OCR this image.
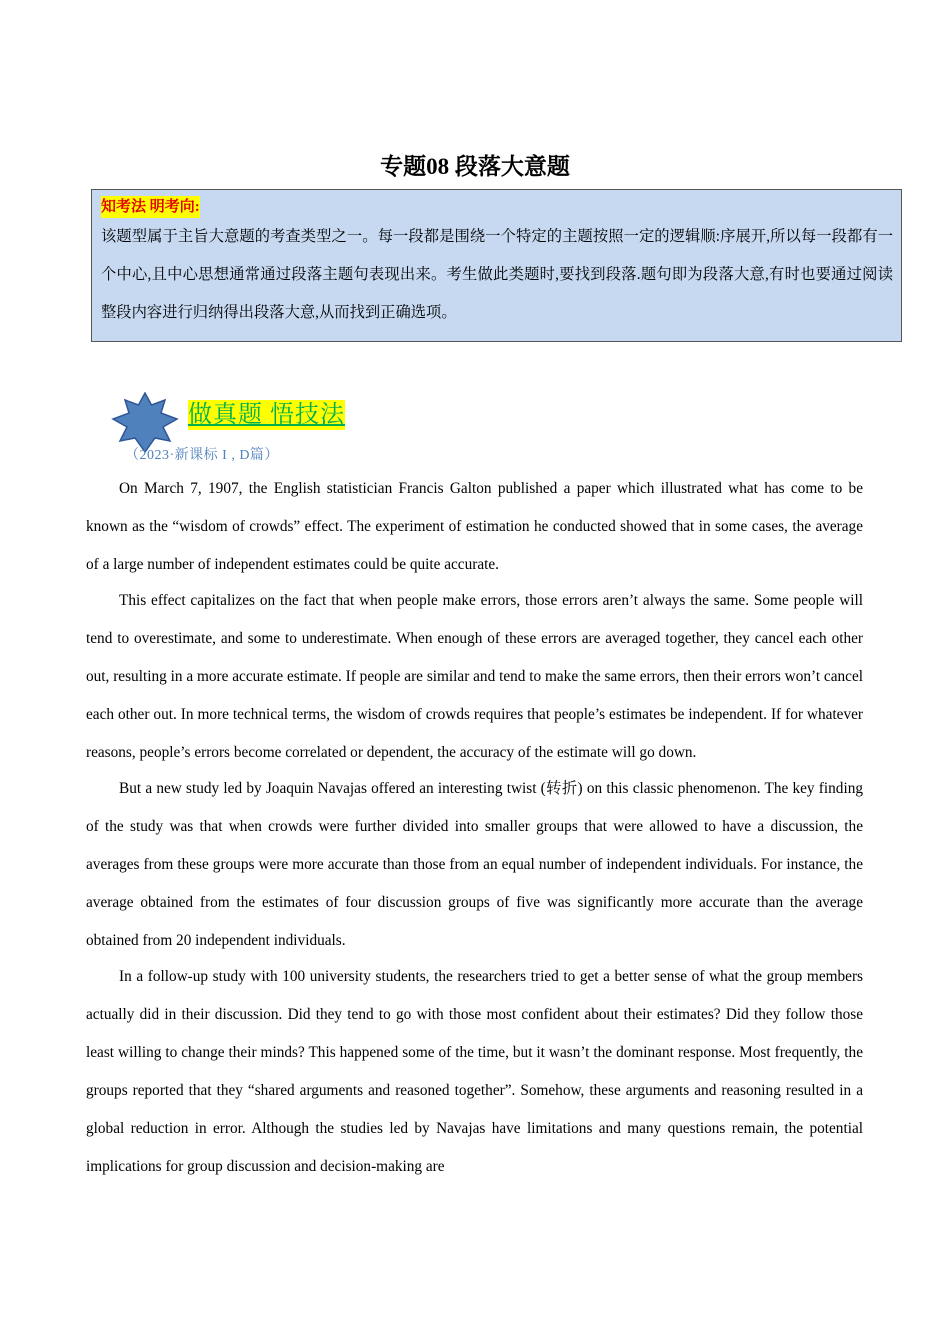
专题08 段落大意题
知考法 明考向:

该题型属于主旨大意题的考查类型之一。每一段都是围绕一个特定的主题按照一定的逻辑顺:序展开,所以每一段都有一个中心,且中心思想通常通过段落主题句表现出来。考生做此类题时,要找到段落.题句即为段落大意,有时也要通过阅读整段内容进行归纳得出段落大意,从而找到正确选项。

做真题 悟技法
（2023·新课标 I , D篇）

On March 7, 1907, the English statistician Francis Galton published a paper which illustrated what has come to be known as the “wisdom of crowds” effect. The experiment of estimation he conducted showed that in some cases, the average of a large number of independent estimates could be quite accurate.

This effect capitalizes on the fact that when people make errors, those errors aren’t always the same. Some people will tend to overestimate, and some to underestimate. When enough of these errors are averaged together, they cancel each other out, resulting in a more accurate estimate. If people are similar and tend to make the same errors, then their errors won’t cancel each other out. In more technical terms, the wisdom of crowds requires that people’s estimates be independent. If for whatever reasons, people’s errors become correlated or dependent, the accuracy of the estimate will go down.

But a new study led by Joaquin Navajas offered an interesting twist (转折) on this classic phenomenon. The key finding of the study was that when crowds were further divided into smaller groups that were allowed to have a discussion, the averages from these groups were more accurate than those from an equal number of independent individuals. For instance, the average obtained from the estimates of four discussion groups of five was significantly more accurate than the average obtained from 20 independent individuals.

In a follow-up study with 100 university students, the researchers tried to get a better sense of what the group members actually did in their discussion. Did they tend to go with those most confident about their estimates? Did they follow those least willing to change their minds? This happened some of the time, but it wasn’t the dominant response. Most frequently, the groups reported that they “shared arguments and reasoned together”. Somehow, these arguments and reasoning resulted in a global reduction in error. Although the studies led by Navajas have limitations and many questions remain, the potential implications for group discussion and decision-making are
